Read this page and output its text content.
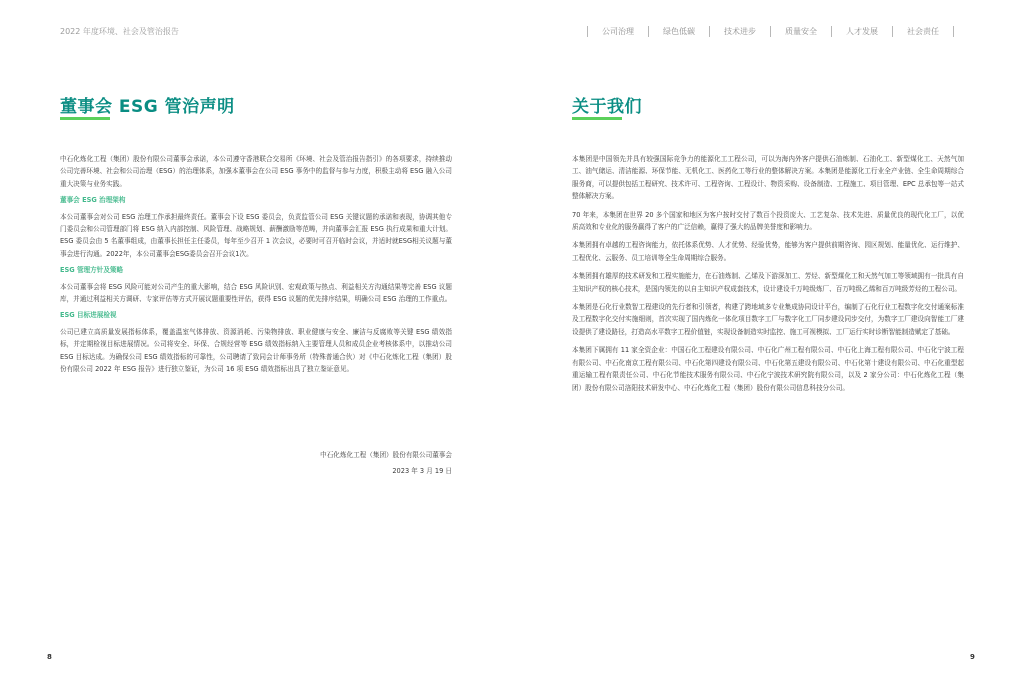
2022 年度环境、社会及管治报告	公司治理	绿色低碳	技术进步	质量安全	人才发展	社会责任
董事会 ESG 管治声明

中石化炼化工程（集团）股份有限公司董事会承诺，本公司遵守香港联合交易所《环境、社会及管治报告指引》的各项要求，持续推动公司完善环境、社会和公司治理（ESG）的治理体系，加强本董事会在公司 ESG 事务中的监督与参与力度，积极主动将 ESG 融入公司重大决策与业务实践。

董事会 ESG 治理架构

本公司董事会对公司 ESG 治理工作承担最终责任。董事会下设 ESG 委员会，负责监管公司 ESG 关键议题的承诺和表现，协调其他专门委员会和公司管理部门将 ESG 纳入内部控制、风险管理、战略规划、薪酬激励等范畴，并向董事会汇报 ESG 执行成果和重大计划。ESG 委员会由 5 名董事组成，由董事长担任主任委员，每年至少召开 1 次会议，必要时可召开临时会议，并适时就ESG相关议题与董事会进行沟通。2022年，本公司董事会ESG委员会召开会议1次。

ESG 管理方针及策略

本公司董事会将 ESG 风险可能对公司产生的重大影响，结合 ESG 风险识别、宏观政策与热点、利益相关方沟通结果等完善 ESG 议题库，并通过利益相关方调研、专家评估等方式开展议题重要性评估，获得 ESG 议题的优先排序结果，明确公司 ESG 治理的工作重点。

ESG 目标进展检视

公司已建立高质量发展指标体系，覆盖温室气体排放、资源消耗、污染物排放、职业健康与安全、廉洁与反腐败等关键 ESG 绩效指标，并定期检视目标进展情况。公司将安全、环保、合规经营等 ESG 绩效指标纳入主要管理人员和成员企业考核体系中，以推动公司 ESG 目标达成。为确保公司 ESG 绩效指标的可靠性，公司聘请了致同会计师事务所（特殊普通合伙）对《中石化炼化工程（集团）股份有限公司 2022 年 ESG 报告》进行独立鉴证，为公司 16 项 ESG 绩效指标出具了独立鉴证意见。

中石化炼化工程（集团）股份有限公司董事会
2023 年 3 月 19 日
8
关于我们

本集团是中国领先并具有较强国际竞争力的能源化工工程公司，可以为海内外客户提供石油炼制、石油化工、新型煤化工、天然气加工、油气储运、清洁能源、环保节能、无机化工、医药化工等行业的整体解决方案。本集团是能源化工行业全产业链、全生命周期综合服务商，可以提供包括工程研究、技术许可、工程咨询、工程设计、物资采购、设备制造、工程施工、项目管理、EPC 总承包等一站式整体解决方案。

70 年来，本集团在世界 20 多个国家和地区为客户按时交付了数百个投资庞大、工艺复杂、技术先进、质量优良的现代化工厂，以优质高效和专业化的服务赢得了客户的广泛信赖，赢得了强大的品牌美誉度和影响力。

本集团拥有卓越的工程咨询能力，依托体系优势、人才优势、经验优势，能够为客户提供前期咨询、园区规划、能量优化、运行维护、工程优化、云服务、员工培训等全生命周期综合服务。

本集团拥有雄厚的技术研发和工程实施能力，在石油炼制、乙烯及下游深加工、芳烃、新型煤化工和天然气加工等领域拥有一批具有自主知识产权的核心技术，是国内领先的以自主知识产权成套技术，设计建设千万吨级炼厂、百万吨级乙烯和百万吨级芳烃的工程公司。

本集团是石化行业数智工程建设的先行者和引领者，构建了跨地域多专业集成协同设计平台，编制了石化行业工程数字化交付通案标准及工程数字化交付实施细则，首次实现了国内炼化一体化项目数字工厂与数字化工厂同步建设同步交付，为数字工厂建设向智能工厂建设提供了建设路径，打造高水平数字工程价值链，实现设备制造实时监控、施工可视模拟、工厂运行实时诊断智能制造赋定了基础。

本集团下属拥有 11 家全资企业：中国石化工程建设有限公司、中石化广州工程有限公司、中石化上海工程有限公司、中石化宁波工程有限公司、中石化南京工程有限公司、中石化第四建设有限公司、中石化第五建设有限公司、中石化第十建设有限公司、中石化重型起重运输工程有限责任公司、中石化节能技术服务有限公司、中石化宁波技术研究院有限公司，以及 2 家分公司：中石化炼化工程（集团）股份有限公司洛阳技术研发中心、中石化炼化工程（集团）股份有限公司信息科技分公司。

9
